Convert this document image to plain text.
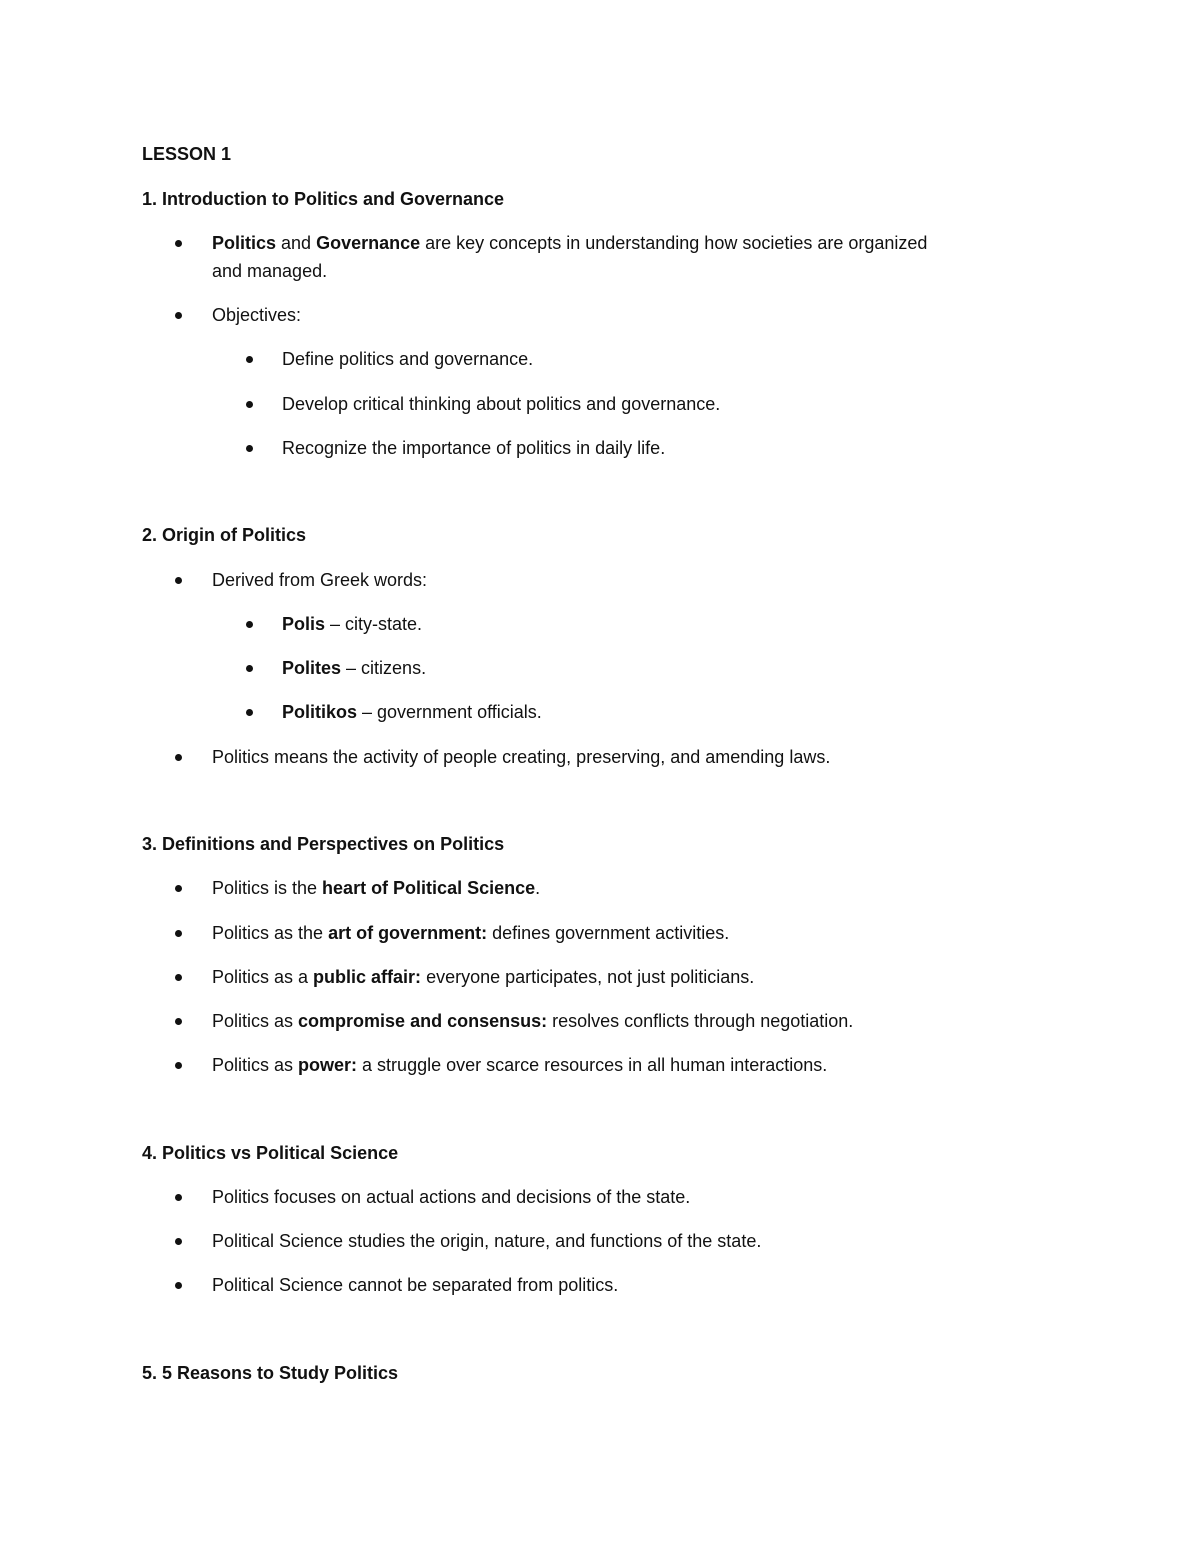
LESSON 1
1. Introduction to Politics and Governance
Politics and Governance are key concepts in understanding how societies are organized
and managed.
Objectives:
Define politics and governance.
Develop critical thinking about politics and governance.
Recognize the importance of politics in daily life.
2. Origin of Politics
Derived from Greek words:
Polis – city-state.
Polites – citizens.
Politikos – government officials.
Politics means the activity of people creating, preserving, and amending laws.
3. Definitions and Perspectives on Politics
Politics is the heart of Political Science.
Politics as the art of government: defines government activities.
Politics as a public affair: everyone participates, not just politicians.
Politics as compromise and consensus: resolves conflicts through negotiation.
Politics as power: a struggle over scarce resources in all human interactions.
4. Politics vs Political Science
Politics focuses on actual actions and decisions of the state.
Political Science studies the origin, nature, and functions of the state.
Political Science cannot be separated from politics.
5. 5 Reasons to Study Politics
